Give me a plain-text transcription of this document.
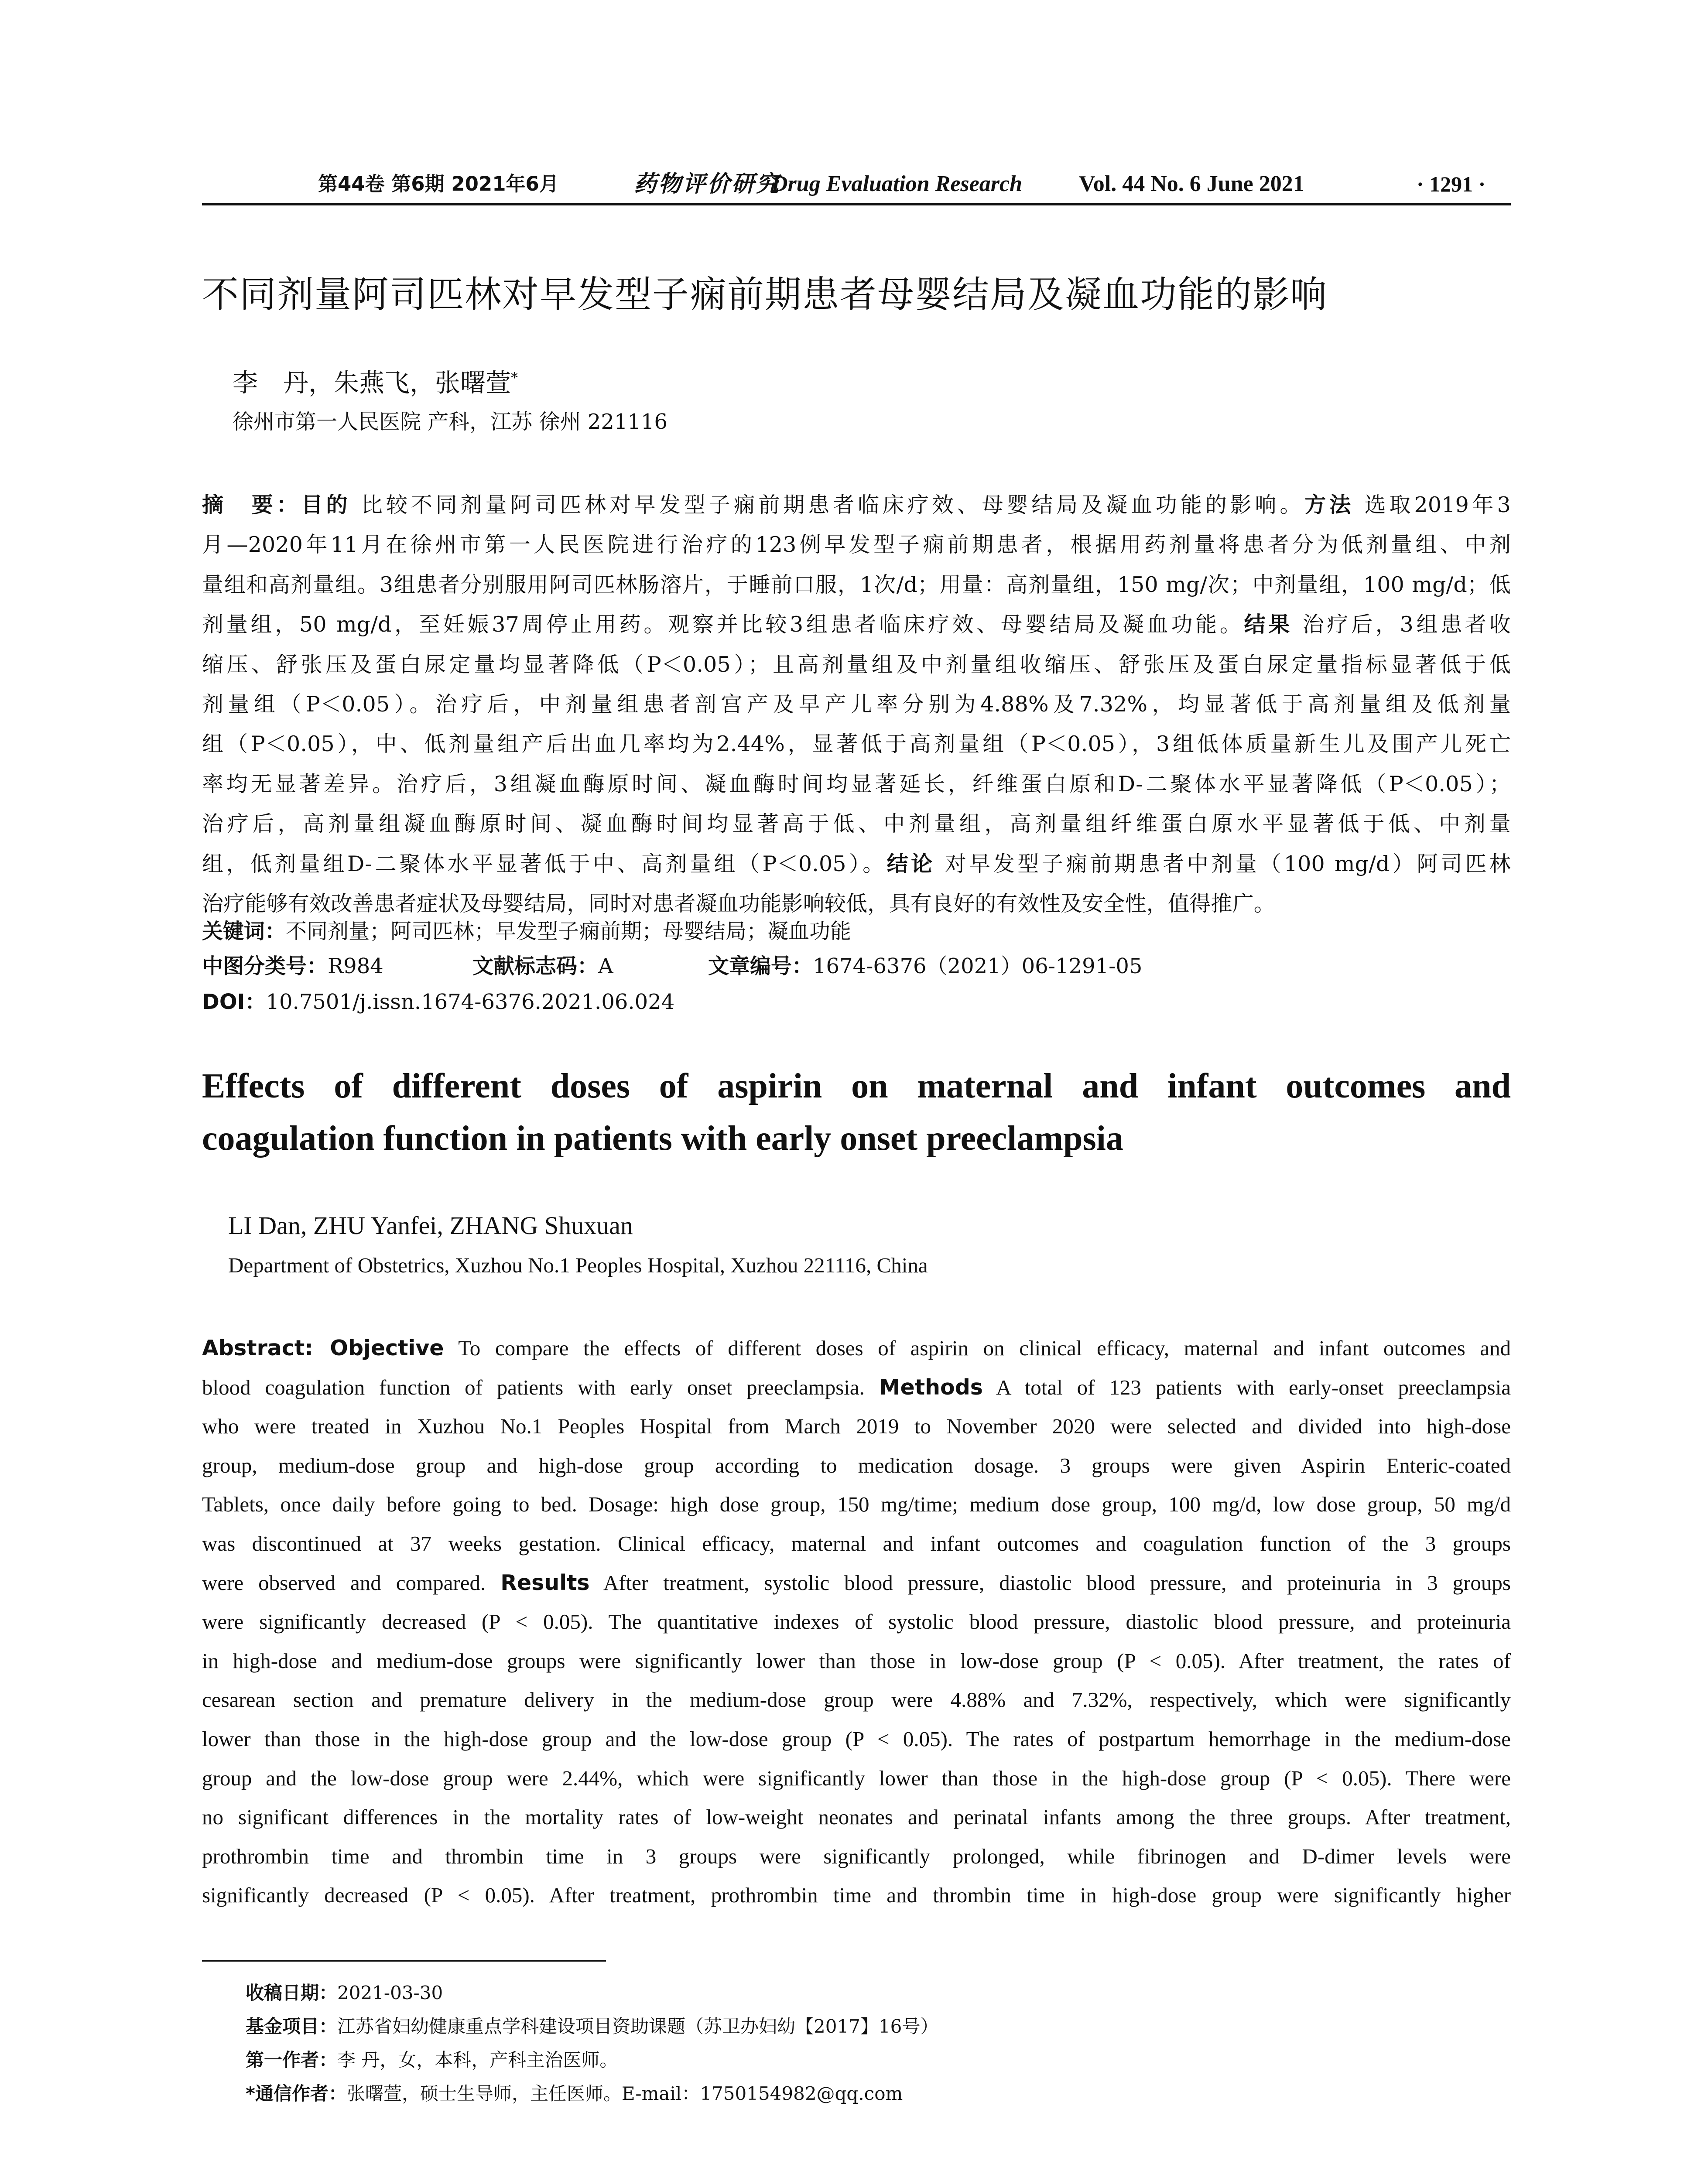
第44卷 第6期 2021年6月	药物评价研究
Drug Evaluation Research	Vol. 44 No. 6 June 2021	· 1291 ·
不同剂量阿司匹林对早发型子痫前期患者母婴结局及凝血功能的影响
李　丹，朱燕飞，张曙萱*
徐州市第一人民医院 产科，江苏 徐州 221116
摘　要：目的 比较不同剂量阿司匹林对早发型子痫前期患者临床疗效、母婴结局及凝血功能的影响。方法 选取2019年3
月—2020年11月在徐州市第一人民医院进行治疗的123例早发型子痫前期患者，根据用药剂量将患者分为低剂量组、中剂
量组和高剂量组。3组患者分别服用阿司匹林肠溶片，于睡前口服，1次/d；用量：高剂量组，150 mg/次；中剂量组，100 mg/d；低
剂量组，50 mg/d，至妊娠37周停止用药。观察并比较3组患者临床疗效、母婴结局及凝血功能。结果 治疗后，3组患者收
缩压、舒张压及蛋白尿定量均显著降低（P＜0.05）；且高剂量组及中剂量组收缩压、舒张压及蛋白尿定量指标显著低于低
剂量组（P＜0.05）。治疗后，中剂量组患者剖宫产及早产儿率分别为4.88%及7.32%，均显著低于高剂量组及低剂量
组（P＜0.05），中、低剂量组产后出血几率均为2.44%，显著低于高剂量组（P＜0.05），3组低体质量新生儿及围产儿死亡
率均无显著差异。治疗后，3组凝血酶原时间、凝血酶时间均显著延长，纤维蛋白原和D-二聚体水平显著降低（P＜0.05）；
治疗后，高剂量组凝血酶原时间、凝血酶时间均显著高于低、中剂量组，高剂量组纤维蛋白原水平显著低于低、中剂量
组，低剂量组D-二聚体水平显著低于中、高剂量组（P＜0.05）。结论 对早发型子痫前期患者中剂量（100 mg/d）阿司匹林
治疗能够有效改善患者症状及母婴结局，同时对患者凝血功能影响较低，具有良好的有效性及安全性，值得推广。
关键词：不同剂量；阿司匹林；早发型子痫前期；母婴结局；凝血功能
中图分类号：R984	文献标志码：A	文章编号：1674-6376（2021）06-1291-05
DOI：10.7501/j.issn.1674-6376.2021.06.024
Effects of different doses of aspirin on maternal and infant outcomes and
coagulation function in patients with early onset preeclampsia
LI Dan, ZHU Yanfei, ZHANG Shuxuan
Department of Obstetrics, Xuzhou No.1 Peoples Hospital, Xuzhou 221116, China
Abstract: Objective To compare the effects of different doses of aspirin on clinical efficacy, maternal and infant outcomes and
blood coagulation function of patients with early onset preeclampsia. Methods A total of 123 patients with early-onset preeclampsia
who were treated in Xuzhou No.1 Peoples Hospital from March 2019 to November 2020 were selected and divided into high-dose
group, medium-dose group and high-dose group according to medication dosage. 3 groups were given Aspirin Enteric-coated
Tablets, once daily before going to bed. Dosage: high dose group, 150 mg/time; medium dose group, 100 mg/d, low dose group, 50 mg/d
was discontinued at 37 weeks gestation. Clinical efficacy, maternal and infant outcomes and coagulation function of the 3 groups
were observed and compared. Results After treatment, systolic blood pressure, diastolic blood pressure, and proteinuria in 3 groups
were significantly decreased (P < 0.05). The quantitative indexes of systolic blood pressure, diastolic blood pressure, and proteinuria
in high-dose and medium-dose groups were significantly lower than those in low-dose group (P < 0.05). After treatment, the rates of
cesarean section and premature delivery in the medium-dose group were 4.88% and 7.32%, respectively, which were significantly
lower than those in the high-dose group and the low-dose group (P < 0.05). The rates of postpartum hemorrhage in the medium-dose
group and the low-dose group were 2.44%, which were significantly lower than those in the high-dose group (P < 0.05). There were
no significant differences in the mortality rates of low-weight neonates and perinatal infants among the three groups. After treatment,
prothrombin time and thrombin time in 3 groups were significantly prolonged, while fibrinogen and D-dimer levels were
significantly decreased (P < 0.05). After treatment, prothrombin time and thrombin time in high-dose group were significantly higher
收稿日期：2021-03-30
基金项目：江苏省妇幼健康重点学科建设项目资助课题（苏卫办妇幼【2017】16号）
第一作者：李 丹，女，本科，产科主治医师。
*通信作者：张曙萱，硕士生导师，主任医师。E-mail：1750154982@qq.com
